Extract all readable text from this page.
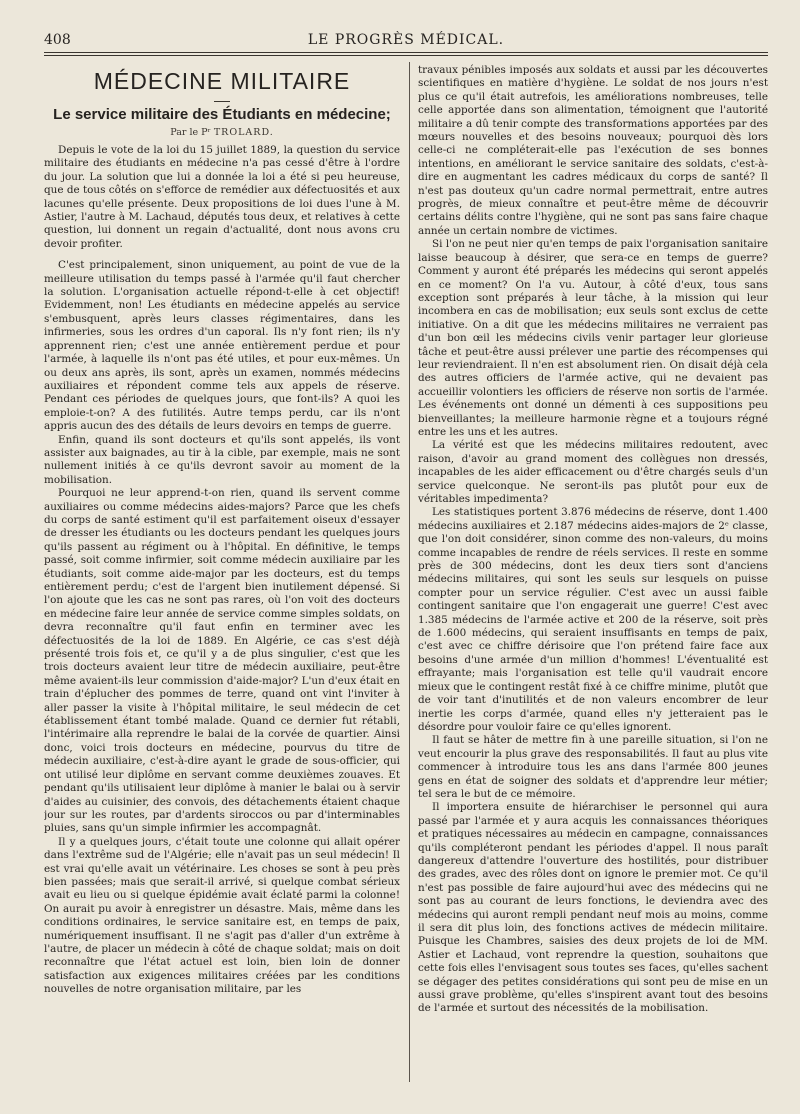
408	LE PROGRÈS MÉDICAL.
MÉDECINE MILITAIRE
Le service militaire des Étudiants en médecine;
Par le Pʳ TROLARD.

Depuis le vote de la loi du 15 juillet 1889, la question du service militaire des étudiants en médecine n'a pas cessé d'être à l'ordre du jour. La solution que lui a donnée la loi a été si peu heureuse, que de tous côtés on s'efforce de remédier aux défectuosités et aux lacunes qu'elle présente. Deux propositions de loi dues l'une à M. Astier, l'autre à M. Lachaud, députés tous deux, et relatives à cette question, lui donnent un regain d'actualité, dont nous avons cru devoir profiter.

C'est principalement, sinon uniquement, au point de vue de la meilleure utilisation du temps passé à l'armée qu'il faut chercher la solution. L'organisation actuelle répond-t-elle à cet objectif! Evidemment, non! Les étudiants en médecine appelés au service s'embusquent, après leurs classes régimentaires, dans les infirmeries, sous les ordres d'un caporal. Ils n'y font rien; ils n'y apprennent rien; c'est une année entièrement perdue et pour l'armée, à laquelle ils n'ont pas été utiles, et pour eux-mêmes. Un ou deux ans après, ils sont, après un examen, nommés médecins auxiliaires et répondent comme tels aux appels de réserve. Pendant ces périodes de quelques jours, que font-ils? A quoi les emploie-t-on? A des futilités. Autre temps perdu, car ils n'ont appris aucun des des détails de leurs devoirs en temps de guerre.

Enfin, quand ils sont docteurs et qu'ils sont appelés, ils vont assister aux baignades, au tir à la cible, par exemple, mais ne sont nullement initiés à ce qu'ils devront savoir au moment de la mobilisation.

Pourquoi ne leur apprend-t-on rien, quand ils servent comme auxiliaires ou comme médecins aides-majors? Parce que les chefs du corps de santé estiment qu'il est parfaitement oiseux d'essayer de dresser les étudiants ou les docteurs pendant les quelques jours qu'ils passent au régiment ou à l'hôpital. En définitive, le temps passé, soit comme infirmier, soit comme médecin auxiliaire par les étudiants, soit comme aide-major par les docteurs, est du temps entièrement perdu; c'est de l'argent bien inutilement dépensé. Si l'on ajoute que les cas ne sont pas rares, où l'on voit des docteurs en médecine faire leur année de service comme simples soldats, on devra reconnaître qu'il faut enfin en terminer avec les défectuosités de la loi de 1889. En Algérie, ce cas s'est déjà présenté trois fois et, ce qu'il y a de plus singulier, c'est que les trois docteurs avaient leur titre de médecin auxiliaire, peut-être même avaient-ils leur commission d'aide-major? L'un d'eux était en train d'éplucher des pommes de terre, quand ont vint l'inviter à aller passer la visite à l'hôpital militaire, le seul médecin de cet établissement étant tombé malade. Quand ce dernier fut rétabli, l'intérimaire alla reprendre le balai de la corvée de quartier. Ainsi donc, voici trois docteurs en médecine, pourvus du titre de médecin auxiliaire, c'est-à-dire ayant le grade de sous-officier, qui ont utilisé leur diplôme en servant comme deuxièmes zouaves. Et pendant qu'ils utilisaient leur diplôme à manier le balai ou à servir d'aides au cuisinier, des convois, des détachements étaient chaque jour sur les routes, par d'ardents siroccos ou par d'interminables pluies, sans qu'un simple infirmier les accompagnât.

Il y a quelques jours, c'était toute une colonne qui allait opérer dans l'extrême sud de l'Algérie; elle n'avait pas un seul médecin! Il est vrai qu'elle avait un vétérinaire. Les choses se sont à peu près bien passées; mais que serait-il arrivé, si quelque combat sérieux avait eu lieu ou si quelque épidémie avait éclaté parmi la colonne! On aurait pu avoir à enregistrer un désastre. Mais, même dans les conditions ordinaires, le service sanitaire est, en temps de paix, numériquement insuffisant. Il ne s'agit pas d'aller d'un extrême à l'autre, de placer un médecin à côté de chaque soldat; mais on doit reconnaître que l'état actuel est loin, bien loin de donner satisfaction aux exigences militaires créées par les conditions nouvelles de notre organisation militaire, par les

travaux pénibles imposés aux soldats et aussi par les découvertes scientifiques en matière d'hygiène. Le soldat de nos jours n'est plus ce qu'il était autrefois, les améliorations nombreuses, telle celle apportée dans son alimentation, témoignent que l'autorité militaire a dû tenir compte des transformations apportées par des mœurs nouvelles et des besoins nouveaux; pourquoi dès lors celle-ci ne compléterait-elle pas l'exécution de ses bonnes intentions, en améliorant le service sanitaire des soldats, c'est-à-dire en augmentant les cadres médicaux du corps de santé? Il n'est pas douteux qu'un cadre normal permettrait, entre autres progrès, de mieux connaître et peut-être même de découvrir certains délits contre l'hygiène, qui ne sont pas sans faire chaque année un certain nombre de victimes.

Si l'on ne peut nier qu'en temps de paix l'organisation sanitaire laisse beaucoup à désirer, que sera-ce en temps de guerre? Comment y auront été préparés les médecins qui seront appelés en ce moment? On l'a vu. Autour, à côté d'eux, tous sans exception sont préparés à leur tâche, à la mission qui leur incombera en cas de mobilisation; eux seuls sont exclus de cette initiative. On a dit que les médecins militaires ne verraient pas d'un bon œil les médecins civils venir partager leur glorieuse tâche et peut-être aussi prélever une partie des récompenses qui leur reviendraient. Il n'en est absolument rien. On disait déjà cela des autres officiers de l'armée active, qui ne devaient pas accueillir volontiers les officiers de réserve non sortis de l'armée. Les événements ont donné un démenti à ces suppositions peu bienveillantes; la meilleure harmonie règne et a toujours régné entre les uns et les autres.

La vérité est que les médecins militaires redoutent, avec raison, d'avoir au grand moment des collègues non dressés, incapables de les aider efficacement ou d'être chargés seuls d'un service quelconque. Ne seront-ils pas plutôt pour eux de véritables impedimenta?

Les statistiques portent 3.876 médecins de réserve, dont 1.400 médecins auxiliaires et 2.187 médecins aides-majors de 2ᵉ classe, que l'on doit considérer, sinon comme des non-valeurs, du moins comme incapables de rendre de réels services. Il reste en somme près de 300 médecins, dont les deux tiers sont d'anciens médecins militaires, qui sont les seuls sur lesquels on puisse compter pour un service régulier. C'est avec un aussi faible contingent sanitaire que l'on engagerait une guerre! C'est avec 1.385 médecins de l'armée active et 200 de la réserve, soit près de 1.600 médecins, qui seraient insuffisants en temps de paix, c'est avec ce chiffre dérisoire que l'on prétend faire face aux besoins d'une armée d'un million d'hommes! L'éventualité est effrayante; mais l'organisation est telle qu'il vaudrait encore mieux que le contingent restât fixé à ce chiffre minime, plutôt que de voir tant d'inutilités et de non valeurs encombrer de leur inertie les corps d'armée, quand elles n'y jetteraient pas le désordre pour vouloir faire ce qu'elles ignorent.

Il faut se hâter de mettre fin à une pareille situation, si l'on ne veut encourir la plus grave des responsabilités. Il faut au plus vite commencer à introduire tous les ans dans l'armée 800 jeunes gens en état de soigner des soldats et d'apprendre leur métier; tel sera le but de ce mémoire.

Il importera ensuite de hiérarchiser le personnel qui aura passé par l'armée et y aura acquis les connaissances théoriques et pratiques nécessaires au médecin en campagne, connaissances qu'ils compléteront pendant les périodes d'appel. Il nous paraît dangereux d'attendre l'ouverture des hostilités, pour distribuer des grades, avec des rôles dont on ignore le premier mot. Ce qu'il n'est pas possible de faire aujourd'hui avec des médecins qui ne sont pas au courant de leurs fonctions, le deviendra avec des médecins qui auront rempli pendant neuf mois au moins, comme il sera dit plus loin, des fonctions actives de médecin militaire. Puisque les Chambres, saisies des deux projets de loi de MM. Astier et Lachaud, vont reprendre la question, souhaitons que cette fois elles l'envisagent sous toutes ses faces, qu'elles sachent se dégager des petites considérations qui sont peu de mise en un aussi grave problème, qu'elles s'inspirent avant tout des besoins de l'armée et surtout des nécessités de la mobilisation.
